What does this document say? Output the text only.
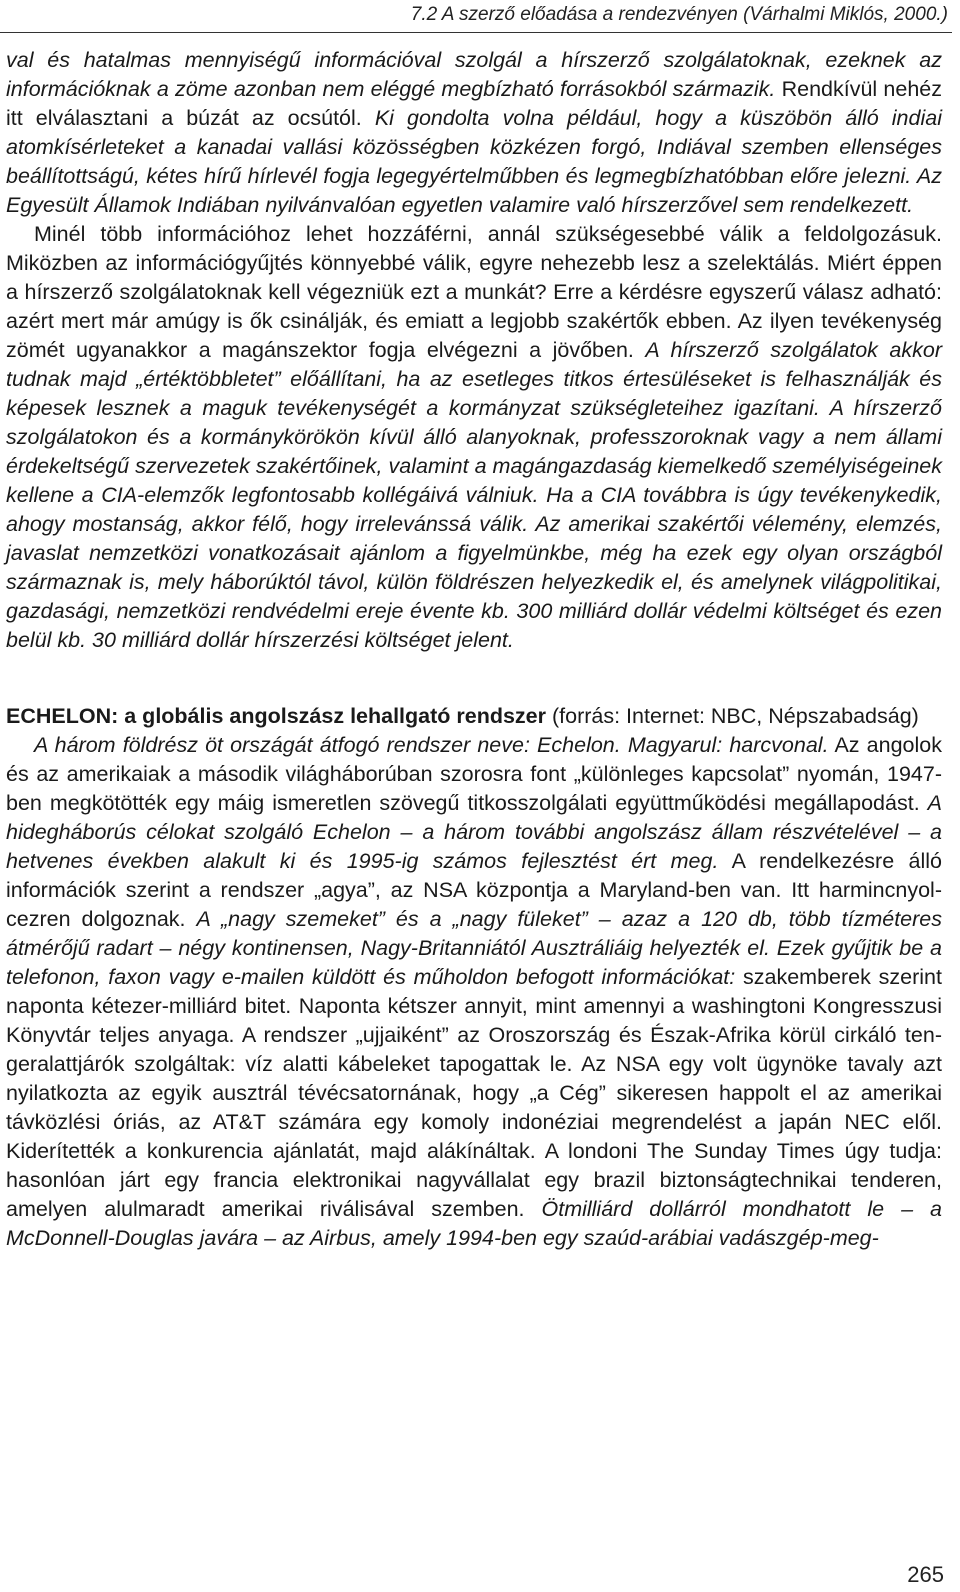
7.2 A szerző előadása a rendezvényen (Várhalmi Miklós, 2000.)

val és hatalmas mennyiségű információval szolgál a hírszerző szolgálatoknak, ezeknek az információknak a zöme azonban nem eléggé megbízható forrásokból származik. Rendkívül nehéz itt elválasztani a búzát az ocsútól. Ki gondolta volna például, hogy a küszöbön álló indiai atomkísérleteket a kanadai vallási közösségben közkézen forgó, Indiával szemben ellenséges beállítottságú, kétes hírű hírlevél fogja legegyértelműbben és legmegbízhatóbban előre jelezni. Az Egyesült Államok Indiában nyilvánvalóan egyetlen valamire való hírszerzővel sem rendelkezett.

Minél több információhoz lehet hozzáférni, annál szükségesebbé válik a feldolgozásuk. Miközben az információgyűjtés könnyebbé válik, egyre nehezebb lesz a szelektálás. Miért éppen a hírszerző szolgálatoknak kell végezniük ezt a munkát? Erre a kérdésre egyszerű válasz adható: azért mert már amúgy is ők csinálják, és emiatt a legjobb szakértők ebben. Az ilyen tevékenység zömét ugyanakkor a magánszektor fogja elvégezni a jövőben. A hírszerző szolgálatok akkor tudnak majd „értéktöbbletet” előállítani, ha az esetleges titkos értesüléseket is felhasználják és képesek lesznek a maguk tevékenységét a kormányzat szükségleteihez igazítani. A hírszerző szolgálatokon és a kormánykörökön kívül álló alanyoknak, professzoroknak vagy a nem állami érdekeltségű szervezetek szakértőinek, valamint a magángazdaság kiemelkedő személyiségeinek kellene a CIA-elemzők legfontosabb kollégáivá válniuk. Ha a CIA továbbra is úgy tevékenykedik, ahogy mostanság, akkor félő, hogy irrelevánssá válik. Az amerikai szakértői vélemény, elemzés, javaslat nemzetközi vonatkozásait ajánlom a figyelmünkbe, még ha ezek egy olyan országból származnak is, mely háborúktól távol, külön földrészen helyezkedik el, és amelynek világpolitikai, gazdasági, nemzetközi rendvédelmi ereje évente kb. 300 milliárd dollár védelmi költséget és ezen belül kb. 30 milliárd dollár hírszerzési költséget jelent.

ECHELON: a globális angolszász lehallgató rendszer (forrás: Internet: NBC, Népszabadság)

A három földrész öt országát átfogó rendszer neve: Echelon. Magyarul: harcvonal. Az angolok és az amerikaiak a második világháborúban szorosra font „különleges kapcsolat” nyomán, 1947-ben megkötötték egy máig ismeretlen szövegű titkosszolgálati együttműködési megállapodást. A hidegháborús célokat szolgáló Echelon – a három további angolszász állam részvételével – a hetvenes években alakult ki és 1995-ig számos fejlesztést ért meg. A rendelkezésre álló információk szerint a rendszer „agya”, az NSA központja a Maryland-ben van. Itt harmincnyolcezren dolgoznak. A „nagy szemeket” és a „nagy füleket” – azaz a 120 db, több tízméteres átmérőjű radart – négy kontinensen, Nagy-Britanniától Ausztráliáig helyezték el. Ezek gyűjtik be a telefonon, faxon vagy e-mailen küldött és műholdon befogott információkat: szakemberek szerint naponta kétezer-milliárd bitet. Naponta kétszer annyit, mint amennyi a washingtoni Kongresszusi Könyvtár teljes anyaga. A rendszer „ujjaiként” az Oroszország és Észak-Afrika körül cirkáló tengeralattjárók szolgáltak: víz alatti kábeleket tapogattak le. Az NSA egy volt ügynöke tavaly azt nyilatkozta az egyik ausztrál tévécsatornának, hogy „a Cég” sikeresen happolt el az amerikai távközlési óriás, az AT&T számára egy komoly indonéziai megrendelést a japán NEC elől. Kiderítették a konkurencia ajánlatát, majd alákínáltak. A londoni The Sunday Times úgy tudja: hasonlóan járt egy francia elektronikai nagyvállalat egy brazil biztonságtechnikai tenderen, amelyen alulmaradt amerikai riválisával szemben. Ötmilliárd dollárról mondhatott le – a McDonnell-Douglas javára – az Airbus, amely 1994-ben egy szaúd-arábiai vadászgép-meg-

265
